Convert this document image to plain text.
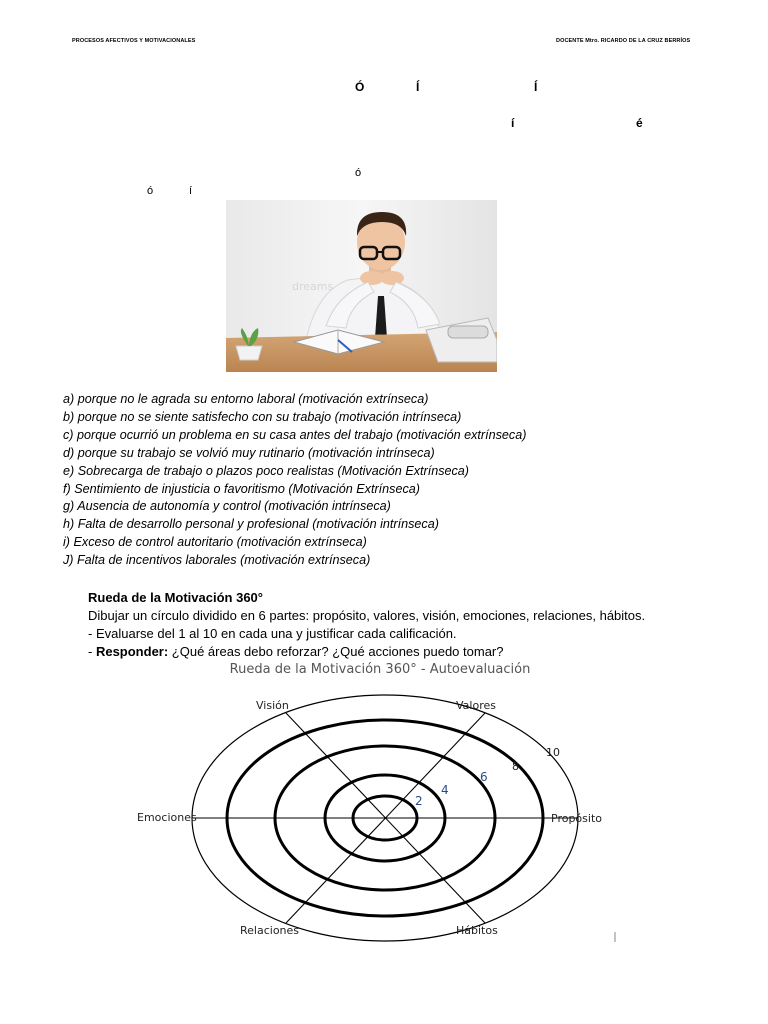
PROCESOS AFECTIVOS Y MOTIVACIONALES	DOCENTE Mtro. RICARDO DE LA CRUZ BERRÍOS
Ó	Í	Í
í	é
ó
ó	í
dreams
a) porque no le agrada su entorno laboral (motivación extrínseca)
b) porque no se siente satisfecho con su trabajo (motivación intrínseca)
c) porque ocurrió un problema en su casa antes del trabajo (motivación extrínseca)
d) porque su trabajo se volvió muy rutinario (motivación intrínseca)
e) Sobrecarga de trabajo o plazos poco realistas (Motivación Extrínseca)
f) Sentimiento de injusticia o favoritismo (Motivación Extrínseca)
g) Ausencia de autonomía y control (motivación intrínseca)
h) Falta de desarrollo personal y profesional (motivación intrínseca)
i) Exceso de control autoritario (motivación extrínseca)
J) Falta de incentivos laborales (motivación extrínseca)
Rueda de la Motivación 360°
Dibujar un círculo dividido en 6 partes: propósito, valores, visión, emociones, relaciones, hábitos.
- Evaluarse del 1 al 10 en cada una y justificar cada calificación.
- Responder: ¿Qué áreas debo reforzar? ¿Qué acciones puedo tomar?
Rueda de la Motivación 360° - Autoevaluación
Visión	Valores
Emociones	Propósito
Relaciones	Hábitos
2
4
6
8
10
